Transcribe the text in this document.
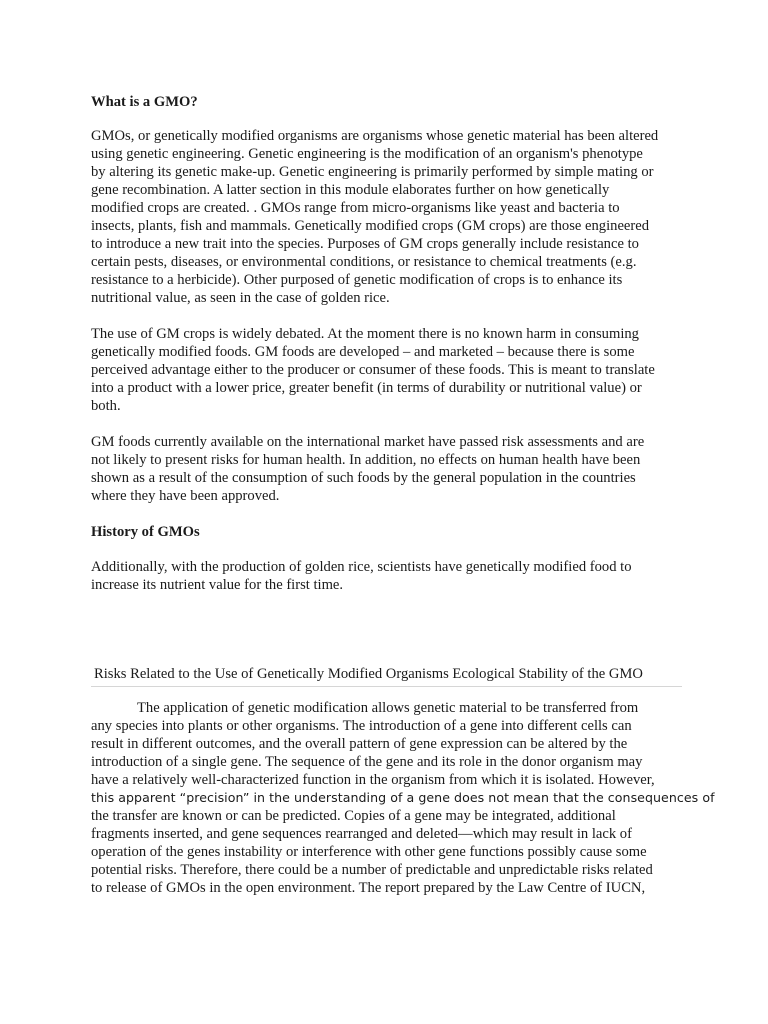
What is a GMO?

GMOs, or genetically modified organisms are organisms whose genetic material has been altered
using genetic engineering. Genetic engineering is the modification of an organism's phenotype
by altering its genetic make-up. Genetic engineering is primarily performed by simple mating or
gene recombination. A latter section in this module elaborates further on how genetically
modified crops are created. . GMOs range from micro-organisms like yeast and bacteria to
insects, plants, fish and mammals. Genetically modified crops (GM crops) are those engineered
to introduce a new trait into the species. Purposes of GM crops generally include resistance to
certain pests, diseases, or environmental conditions, or resistance to chemical treatments (e.g.
resistance to a herbicide). Other purposed of genetic modification of crops is to enhance its
nutritional value, as seen in the case of golden rice.

The use of GM crops is widely debated. At the moment there is no known harm in consuming
genetically modified foods. GM foods are developed – and marketed – because there is some
perceived advantage either to the producer or consumer of these foods. This is meant to translate
into a product with a lower price, greater benefit (in terms of durability or nutritional value) or
both.

GM foods currently available on the international market have passed risk assessments and are
not likely to present risks for human health. In addition, no effects on human health have been
shown as a result of the consumption of such foods by the general population in the countries
where they have been approved.

History of GMOs

Additionally, with the production of golden rice, scientists have genetically modified food to
increase its nutrient value for the first time.

Risks Related to the Use of Genetically Modified Organisms Ecological Stability of the GMO

The application of genetic modification allows genetic material to be transferred from
any species into plants or other organisms. The introduction of a gene into different cells can
result in different outcomes, and the overall pattern of gene expression can be altered by the
introduction of a single gene. The sequence of the gene and its role in the donor organism may
have a relatively well-characterized function in the organism from which it is isolated. However,
this apparent “precision” in the understanding of a gene does not mean that the consequences of
the transfer are known or can be predicted. Copies of a gene may be integrated, additional
fragments inserted, and gene sequences rearranged and deleted—which may result in lack of
operation of the genes instability or interference with other gene functions possibly cause some
potential risks. Therefore, there could be a number of predictable and unpredictable risks related
to release of GMOs in the open environment. The report prepared by the Law Centre of IUCN,
